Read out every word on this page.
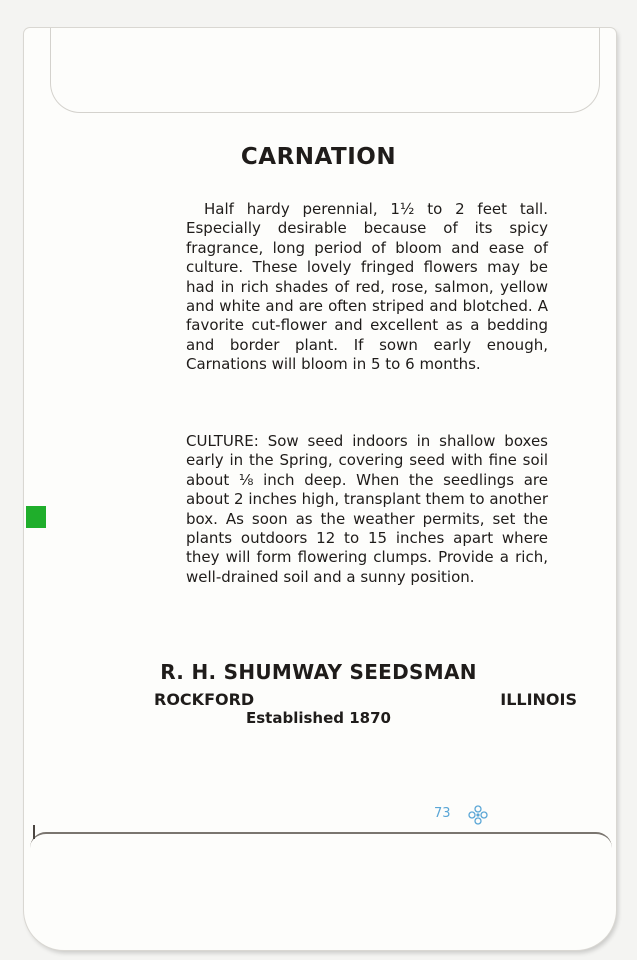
CARNATION
Half hardy perennial, 1½ to 2 feet tall. Especially desirable because of its spicy fragrance, long period of bloom and ease of culture. These lovely fringed flowers may be had in rich shades of red, rose, salmon, yellow and white and are often striped and blotched. A favorite cut-flower and excellent as a bedding and border plant. If sown early enough, Carnations will bloom in 5 to 6 months.
CULTURE: Sow seed indoors in shallow boxes early in the Spring, covering seed with fine soil about ⅛ inch deep. When the seedlings are about 2 inches high, transplant them to another box. As soon as the weather permits, set the plants outdoors 12 to 15 inches apart where they will form flowering clumps. Provide a rich, well-drained soil and a sunny position.
R. H. SHUMWAY SEEDSMAN
ROCKFORD	ILLINOIS
Established 1870
73
